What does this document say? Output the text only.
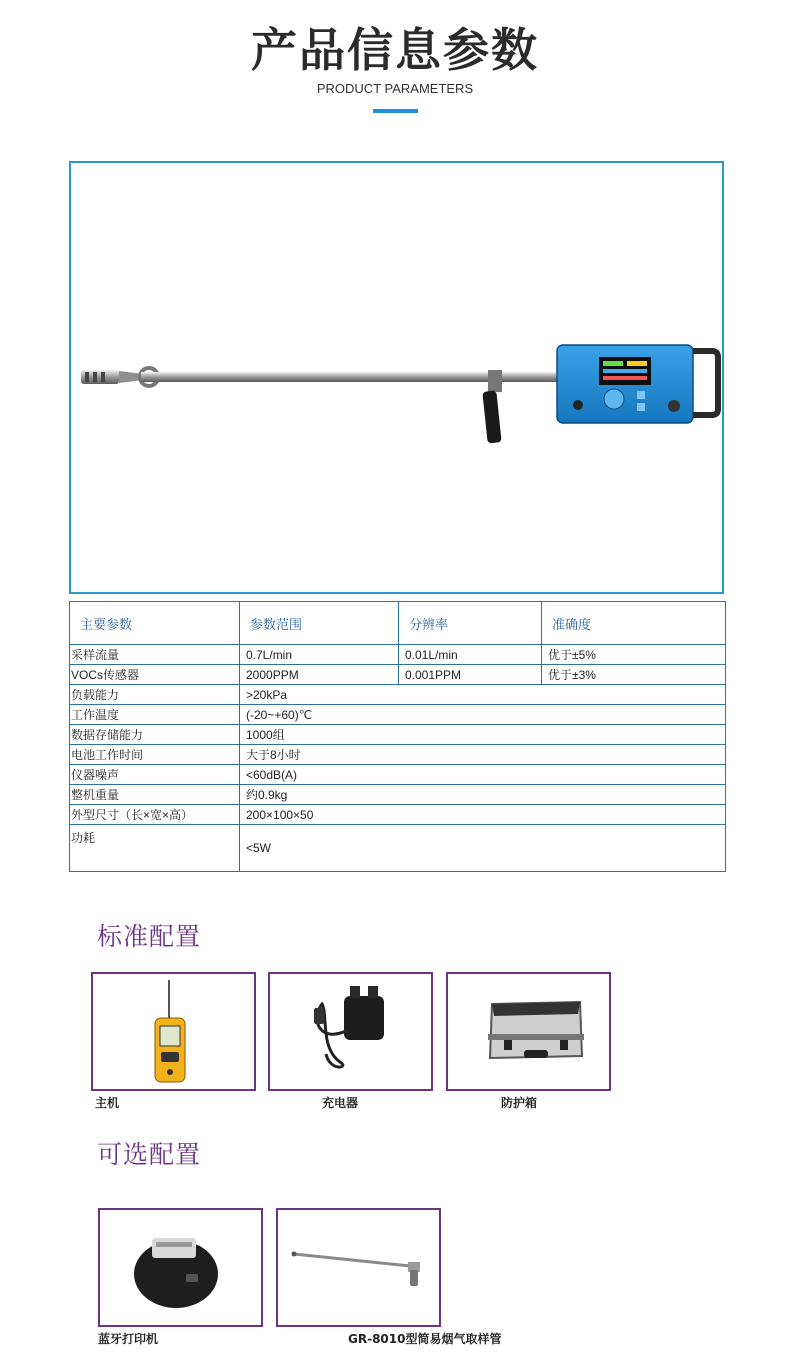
产品信息参数
PRODUCT PARAMETERS
主要参数	参数范围	分辨率	准确度
采样流量	0.7L/min	0.01L/min	优于±5%
VOCs传感器	2000PPM	0.001PPM	优于±3%
负载能力	>20kPa		
工作温度	(-20~+60)℃		
数据存储能力	1000组		
电池工作时间	大于8小时		
仪器噪声	<60dB(A)		
整机重量	约0.9kg		
外型尺寸（长×宽×高）	200×100×50		
功耗	<5W		
标准配置
主机	充电器	防护箱
可选配置
蓝牙打印机	GR-8010型简易烟气取样管
